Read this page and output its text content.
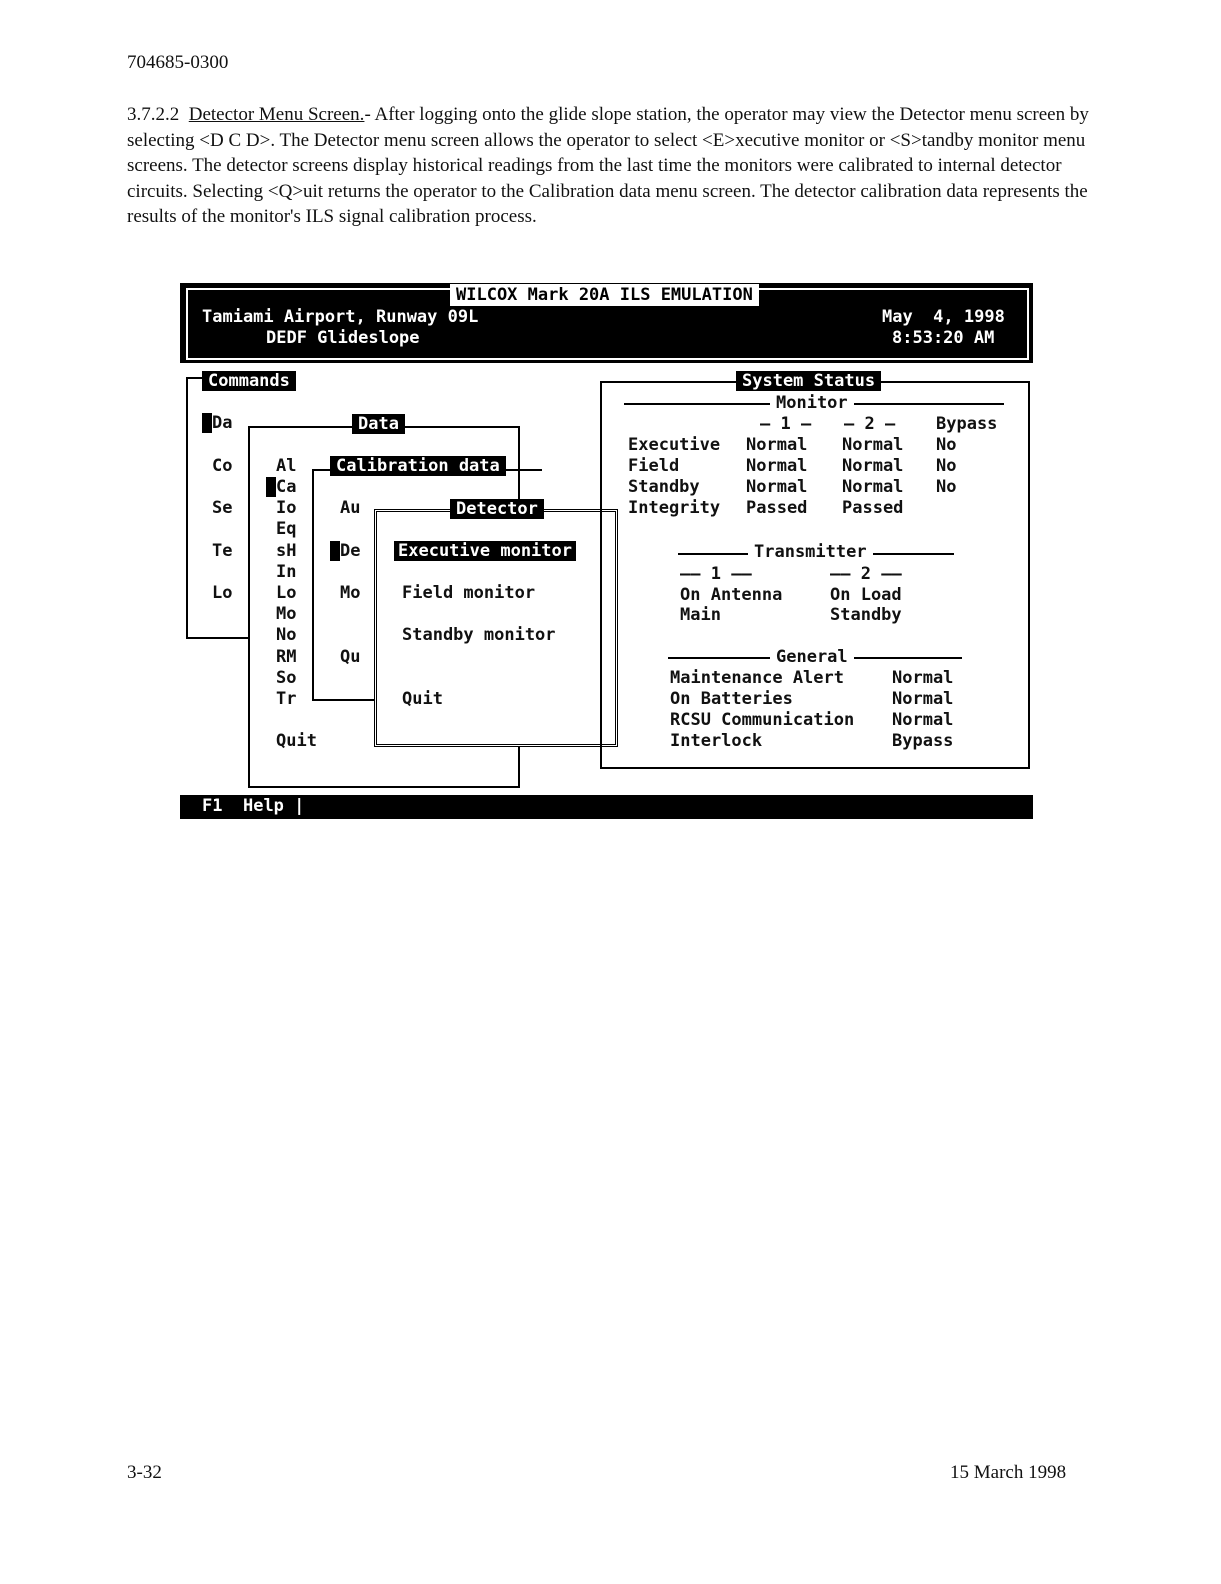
704685-0300
3.7.2.2 Detector Menu Screen.- After logging onto the glide slope station, the operator may view the Detector menu screen by selecting <D C D>. The Detector menu screen allows the operator to select <E>xecutive monitor or <S>tandby monitor menu screens. The detector screens display historical readings from the last time the monitors were calibrated to internal detector circuits. Selecting <Q>uit returns the operator to the Calibration data menu screen. The detector calibration data represents the results of the monitor's ILS signal calibration process.
WILCOX Mark 20A ILS EMULATION
Tamiami Airport, Runway 09L
DEDF Glideslope
May  4, 1998
8:53:20 AM
Commands
Da
Co
Se
Te
Lo
Data
Al
Ca
Io
Eq
sH
In
Lo
Mo
No
RM
So
Tr
Quit
Calibration data
Au
De
Mo
Qu
Detector
Executive monitor
Field monitor
Standby monitor
Quit
System Status
Monitor
— 1 — — 2 — Bypass
Executive Normal Normal No
Field	Normal Normal No
Standby	Normal Normal No
Integrity Passed Passed
Transmitter
—— 1 ——	—— 2 ——
On Antenna	On Load
Main	Standby
General
Maintenance Alert	Normal
On Batteries	Normal
RCSU Communication Normal
Interlock	Bypass
F1 Help |
3-32	15 March 1998
